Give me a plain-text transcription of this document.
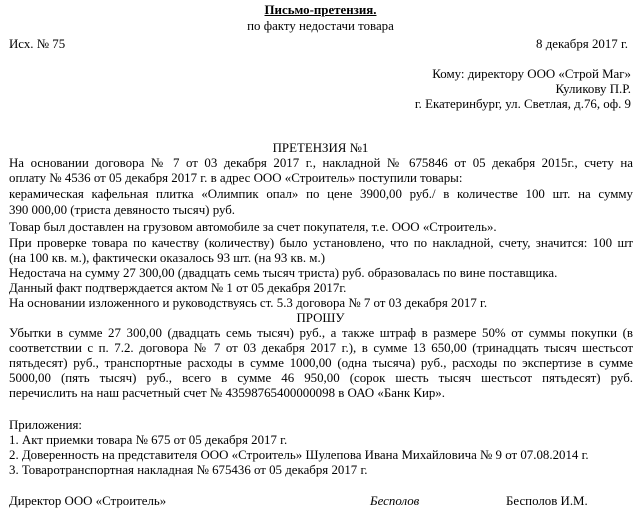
Письмо-претензия.
по факту недостачи товара
Исх. № 75	8 декабря 2017 г.
Кому: директору ООО «Строй Маг»
Куликову П.Р.
г. Екатеринбург, ул. Светлая, д.76, оф. 9
ПРЕТЕНЗИЯ №1
На основании договора № 7 от 03 декабря 2017 г., накладной № 675846 от 05 декабря 2015г., счету на
оплату № 4536 от 05 декабря 2017 г. в адрес ООО «Строитель» поступили товары:
керамическая кафельная плитка «Олимпик опал» по цене 3900,00 руб./ в количестве 100 шт. на сумму
390 000,00 (триста девяносто тысяч) руб.
Товар был доставлен на грузовом автомобиле за счет покупателя, т.е. ООО «Строитель».
При проверке товара по качеству (количеству) было установлено, что по накладной, счету, значится: 100 шт
(на 100 кв. м.), фактически оказалось 93 шт. (на 93 кв. м.)
Недостача на сумму 27 300,00 (двадцать семь тысяч триста) руб. образовалась по вине поставщика.
Данный факт подтверждается актом № 1 от 05 декабря 2017г.
На основании изложенного и руководствуясь ст. 5.3 договора № 7 от 03 декабря 2017 г.
ПРОШУ
Убытки в сумме 27 300,00 (двадцать семь тысяч) руб., а также штраф в размере 50% от суммы покупки (в
соответствии с п. 7.2. договора № 7 от 03 декабря 2017 г.), в сумме 13 650,00 (тринадцать тысяч шестьсот
пятьдесят) руб., транспортные расходы в сумме 1000,00 (одна тысяча) руб., расходы по экспертизе в сумме
5000,00 (пять тысяч) руб., всего в сумме 46 950,00 (сорок шесть тысяч шестьсот пятьдесят) руб.
перечислить на наш расчетный счет № 43598765400000098 в ОАО «Банк Кир».
Приложения:
1. Акт приемки товара № 675 от 05 декабря 2017 г.
2. Доверенность на представителя ООО «Строитель» Шулепова Ивана Михайловича № 9 от 07.08.2014 г.
3. Товаротранспортная накладная № 675436 от 05 декабря 2017 г.
Директор ООО «Строитель»	Бесполов	Бесполов И.М.
